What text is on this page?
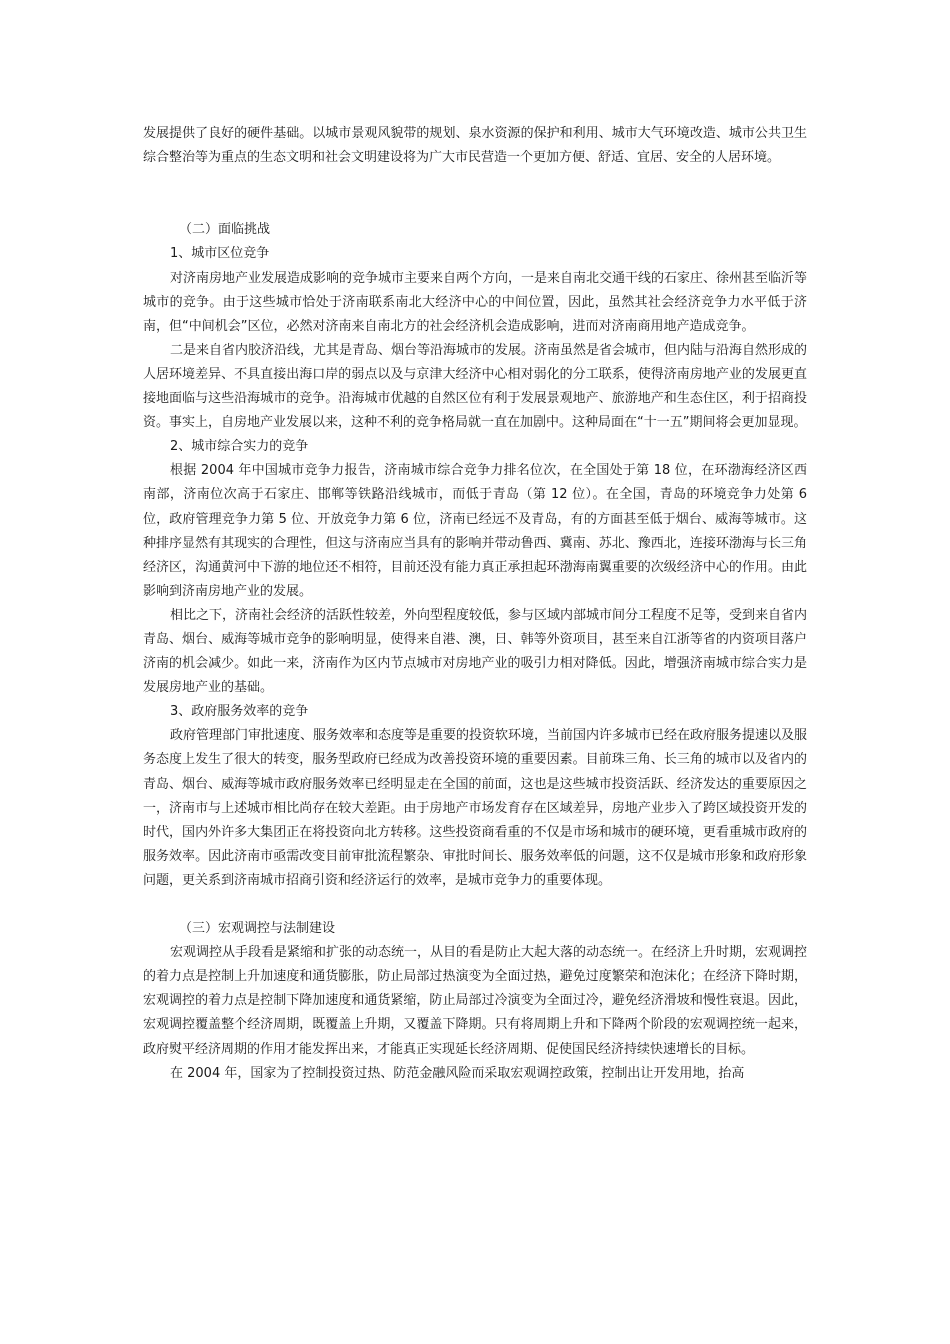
发展提供了良好的硬件基础。以城市景观风貌带的规划、泉水资源的保护和利用、城市大气环境改造、城市公共卫生综合整治等为重点的生态文明和社会文明建设将为广大市民营造一个更加方便、舒适、宜居、安全的人居环境。

（二）面临挑战

1、城市区位竞争

对济南房地产业发展造成影响的竞争城市主要来自两个方向，一是来自南北交通干线的石家庄、徐州甚至临沂等城市的竞争。由于这些城市恰处于济南联系南北大经济中心的中间位置，因此，虽然其社会经济竞争力水平低于济南，但“中间机会”区位，必然对济南来自南北方的社会经济机会造成影响，进而对济南商用地产造成竞争。

二是来自省内胶济沿线，尤其是青岛、烟台等沿海城市的发展。济南虽然是省会城市，但内陆与沿海自然形成的人居环境差异、不具直接出海口岸的弱点以及与京津大经济中心相对弱化的分工联系，使得济南房地产业的发展更直接地面临与这些沿海城市的竞争。沿海城市优越的自然区位有利于发展景观地产、旅游地产和生态住区，利于招商投资。事实上，自房地产业发展以来，这种不利的竞争格局就一直在加剧中。这种局面在“十一五”期间将会更加显现。

2、城市综合实力的竞争

根据 2004 年中国城市竞争力报告，济南城市综合竞争力排名位次，在全国处于第 18 位，在环渤海经济区西南部，济南位次高于石家庄、邯郸等铁路沿线城市，而低于青岛（第 12 位）。在全国，青岛的环境竞争力处第 6 位，政府管理竞争力第 5 位、开放竞争力第 6 位，济南已经远不及青岛，有的方面甚至低于烟台、威海等城市。这种排序显然有其现实的合理性，但这与济南应当具有的影响并带动鲁西、冀南、苏北、豫西北，连接环渤海与长三角经济区，沟通黄河中下游的地位还不相符，目前还没有能力真正承担起环渤海南翼重要的次级经济中心的作用。由此影响到济南房地产业的发展。

相比之下，济南社会经济的活跃性较差，外向型程度较低，参与区域内部城市间分工程度不足等，受到来自省内青岛、烟台、威海等城市竞争的影响明显，使得来自港、澳，日、韩等外资项目，甚至来自江浙等省的内资项目落户济南的机会减少。如此一来，济南作为区内节点城市对房地产业的吸引力相对降低。因此，增强济南城市综合实力是发展房地产业的基础。

3、政府服务效率的竞争

政府管理部门审批速度、服务效率和态度等是重要的投资软环境，当前国内许多城市已经在政府服务提速以及服务态度上发生了很大的转变，服务型政府已经成为改善投资环境的重要因素。目前珠三角、长三角的城市以及省内的青岛、烟台、威海等城市政府服务效率已经明显走在全国的前面，这也是这些城市投资活跃、经济发达的重要原因之一，济南市与上述城市相比尚存在较大差距。由于房地产市场发育存在区域差异，房地产业步入了跨区域投资开发的时代，国内外许多大集团正在将投资向北方转移。这些投资商看重的不仅是市场和城市的硬环境，更看重城市政府的服务效率。因此济南市亟需改变目前审批流程繁杂、审批时间长、服务效率低的问题，这不仅是城市形象和政府形象问题，更关系到济南城市招商引资和经济运行的效率，是城市竞争力的重要体现。

（三）宏观调控与法制建设

宏观调控从手段看是紧缩和扩张的动态统一，从目的看是防止大起大落的动态统一。在经济上升时期，宏观调控的着力点是控制上升加速度和通货膨胀，防止局部过热演变为全面过热，避免过度繁荣和泡沫化；在经济下降时期，宏观调控的着力点是控制下降加速度和通货紧缩，防止局部过冷演变为全面过冷，避免经济滑坡和慢性衰退。因此，宏观调控覆盖整个经济周期，既覆盖上升期，又覆盖下降期。只有将周期上升和下降两个阶段的宏观调控统一起来，政府熨平经济周期的作用才能发挥出来，才能真正实现延长经济周期、促使国民经济持续快速增长的目标。

在 2004 年，国家为了控制投资过热、防范金融风险而采取宏观调控政策，控制出让开发用地，抬高
